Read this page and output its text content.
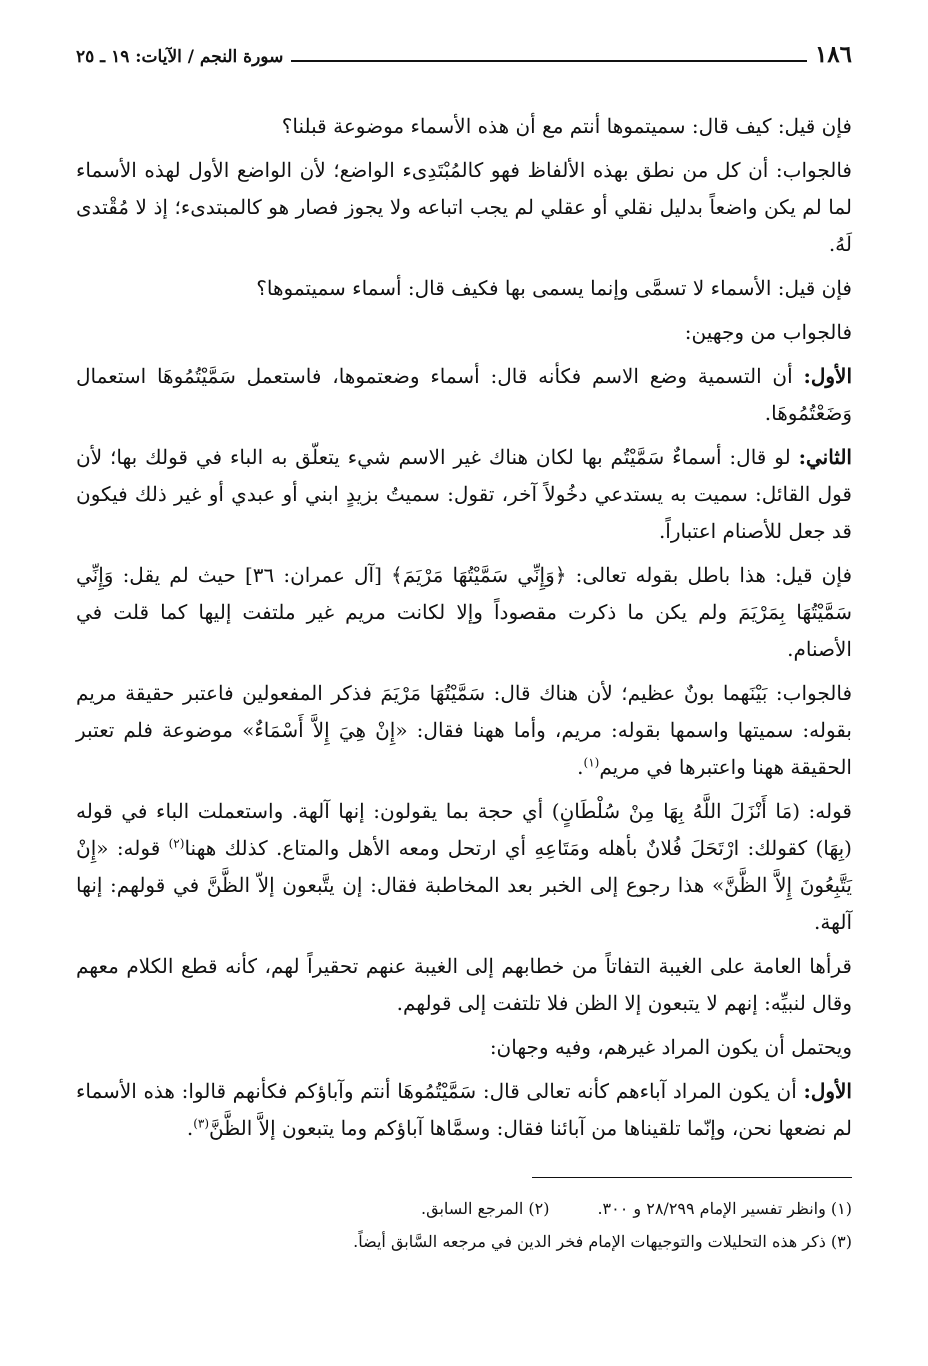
١٨٦
سورة النجم / الآيات: ١٩ ـ ٢٥

فإن قيل: كيف قال: سميتموها أنتم مع أن هذه الأسماء موضوعة قبلنا؟

فالجواب: أن كل من نطق بهذه الألفاظ فهو كالمُبْتَدِىء الواضع؛ لأن الواضع الأول لهذه الأسماء لما لم يكن واضعاً بدليل نقلي أو عقلي لم يجب اتباعه ولا يجوز فصار هو كالمبتدىء؛ إذ لا مُقْتدى لَهُ.

فإن قيل: الأسماء لا تسمَّى وإنما يسمى بها فكيف قال: أسماء سميتموها؟

فالجواب من وجهين:

الأول: أن التسمية وضع الاسم فكأنه قال: أسماء وضعتموها، فاستعمل سَمَّيْتُمُوهَا استعمال وَضَعْتُمُوهَا.

الثاني: لو قال: أسماءٌ سَمَّيْتُم بها لكان هناك غير الاسم شيء يتعلّق به الباء في قولك بها؛ لأن قول القائل: سميت به يستدعي دخُولاً آخر، تقول: سميتُ بزيدٍ ابني أو عبدي أو غير ذلك فيكون قد جعل للأصنام اعتباراً.

فإن قيل: هذا باطل بقوله تعالى: ﴿وَإِنِّي سَمَّيْتُهَا مَرْيَمَ﴾ [آل عمران: ٣٦] حيث لم يقل: وَإِنِّي سَمَّيْتُهَا بِمَرْيَمَ ولم يكن ما ذكرت مقصوداً وإلا لكانت مريم غير ملتفت إليها كما قلت في الأصنام.

فالجواب: بَيْنَهما بونٌ عظيم؛ لأن هناك قال: سَمَّيْتُهَا مَرْيَمَ فذكر المفعولين فاعتبر حقيقة مريم بقوله: سميتها واسمها بقوله: مريم، وأما ههنا فقال: «إِنْ هِيَ إِلاَّ أَسْمَاءٌ» موضوعة فلم تعتبر الحقيقة ههنا واعتبرها في مريم$^{(١)}$.

قوله: (مَا أَنْزَلَ اللَّهُ بِهَا مِنْ سُلْطَانٍ) أي حجة بما يقولون: إنها آلهة. واستعملت الباء في قوله (بِهَا) كقولك: ارْتَحَلَ فُلانٌ بأهله ومَتَاعِهِ أي ارتحل ومعه الأهل والمتاع. كذلك ههنا$^{(٢)}$ قوله: «إِنْ يَتَّبِعُونَ إِلاَّ الظَّنَّ» هذا رجوع إلى الخبر بعد المخاطبة فقال: إن يتَّبعون إلاّ الظَّنَّ في قولهم: إنها آلهة.

قرأها العامة على الغيبة التفاتاً من خطابهم إلى الغيبة عنهم تحقيراً لهم، كأنه قطع الكلام معهم وقال لنبيِّه: إنهم لا يتبعون إلا الظن فلا تلتفت إلى قولهم.

ويحتمل أن يكون المراد غيرهم، وفيه وجهان:

الأول: أن يكون المراد آباءهم كأنه تعالى قال: سَمَّيْتُمُوهَا أنتم وآباؤكم فكأنهم قالوا: هذه الأسماء لم نضعها نحن، وإنّما تلقيناها من آبائنا فقال: وسمَّاها آباؤكم وما يتبعون إلاَّ الظَّنَّ$^{(٣)}$.

(١) وانظر تفسير الإمام ٢٨/٢٩٩ و ٣٠٠.(٢) المرجع السابق.

(٣) ذكر هذه التحليلات والتوجيهات الإمام فخر الدين في مرجعه السَّابق أيضاً.
